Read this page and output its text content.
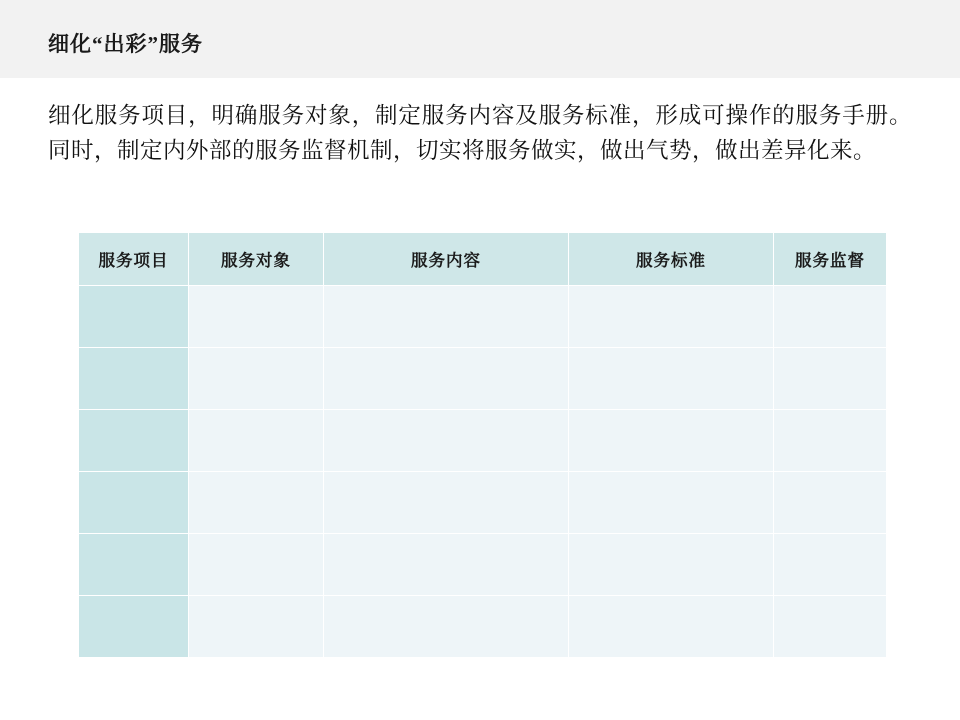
细化“出彩”服务
细化服务项目，明确服务对象，制定服务内容及服务标准，形成可操作的服务手册。同时，制定内外部的服务监督机制，切实将服务做实，做出气势，做出差异化来。
服务项目	服务对象	服务内容	服务标准	服务监督
